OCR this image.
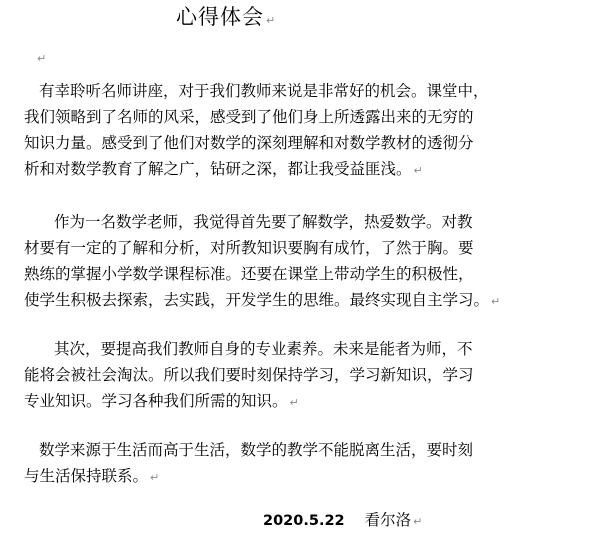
心得体会 ↵
↵
有幸聆听名师讲座，对于我们教师来说是非常好的机会。课堂中，
我们领略到了名师的风采，感受到了他们身上所透露出来的无穷的
知识力量。感受到了他们对数学的深刻理解和对数学教材的透彻分
析和对数学教育了解之广，钻研之深，都让我受益匪浅。 ↵
作为一名数学老师，我觉得首先要了解数学，热爱数学。对教
材要有一定的了解和分析，对所教知识要胸有成竹，了然于胸。要
熟练的掌握小学数学课程标准。还要在课堂上带动学生的积极性，
使学生积极去探索，去实践，开发学生的思维。最终实现自主学习。 ↵
其次，要提高我们教师自身的专业素养。未来是能者为师，不
能将会被社会淘汰。所以我们要时刻保持学习，学习新知识，学习
专业知识。学习各种我们所需的知识。 ↵
数学来源于生活而高于生活，数学的教学不能脱离生活，要时刻
与生活保持联系。 ↵
2020.5.22 看尔洛 ↵
